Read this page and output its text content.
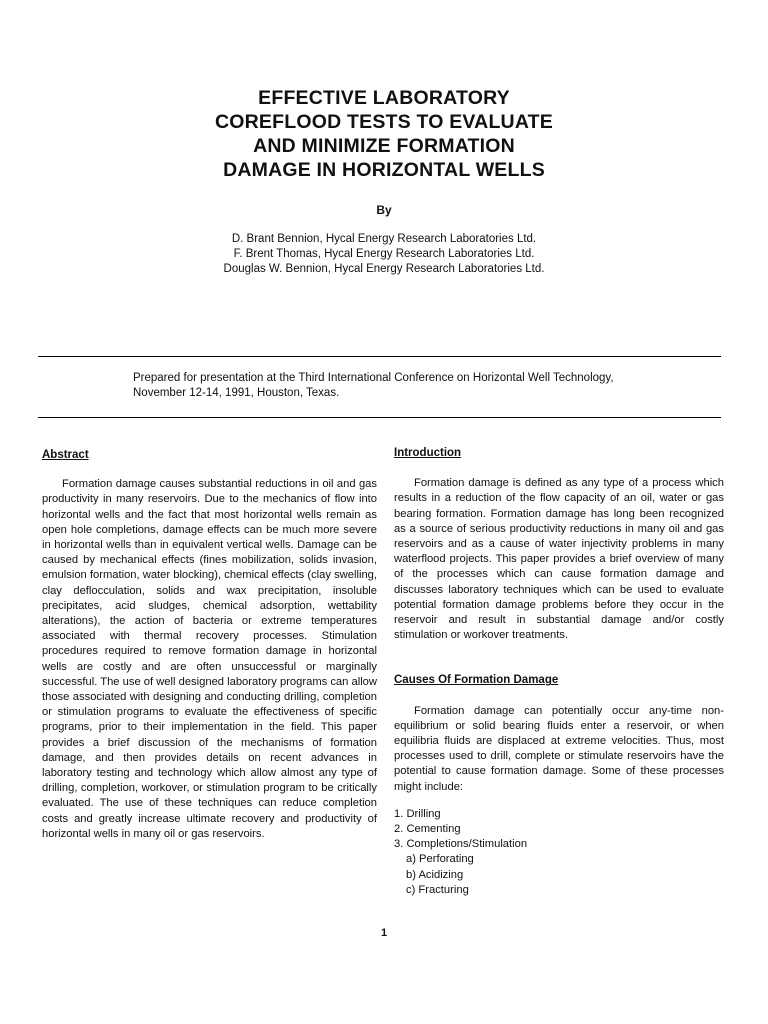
EFFECTIVE LABORATORY
COREFLOOD TESTS TO EVALUATE
AND MINIMIZE FORMATION
DAMAGE IN HORIZONTAL WELLS
By
D. Brant Bennion, Hycal Energy Research Laboratories Ltd.
F. Brent Thomas, Hycal Energy Research Laboratories Ltd.
Douglas W. Bennion, Hycal Energy Research Laboratories Ltd.
Prepared for presentation at the Third International Conference on Horizontal Well Technology, November 12-14, 1991, Houston, Texas.

Abstract

Formation damage causes substantial reductions in oil and gas productivity in many reservoirs. Due to the mechanics of flow into horizontal wells and the fact that most horizontal wells remain as open hole completions, damage effects can be much more severe in horizontal wells than in equivalent vertical wells. Damage can be caused by mechanical effects (fines mobilization, solids invasion, emulsion formation, water blocking), chemical effects (clay swelling, clay deflocculation, solids and wax precipitation, insoluble precipitates, acid sludges, chemical adsorption, wettability alterations), the action of bacteria or extreme temperatures associated with thermal recovery processes. Stimulation procedures required to remove formation damage in horizontal wells are costly and are often unsuccessful or marginally successful. The use of well designed laboratory programs can allow those associated with designing and conducting drilling, completion or stimulation programs to evaluate the effectiveness of specific programs, prior to their implementation in the field. This paper provides a brief discussion of the mechanisms of formation damage, and then provides details on recent advances in laboratory testing and technology which allow almost any type of drilling, completion, workover, or stimulation program to be critically evaluated. The use of these techniques can reduce completion costs and greatly increase ultimate recovery and productivity of horizontal wells in many oil or gas reservoirs.

Introduction

Formation damage is defined as any type of a process which results in a reduction of the flow capacity of an oil, water or gas bearing formation. Formation damage has long been recognized as a source of serious productivity reductions in many oil and gas reservoirs and as a cause of water injectivity problems in many waterflood projects. This paper provides a brief overview of many of the processes which can cause formation damage and discusses laboratory techniques which can be used to evaluate potential formation damage problems before they occur in the reservoir and result in substantial damage and/or costly stimulation or workover treatments.

Causes Of Formation Damage

Formation damage can potentially occur any-time non-equilibrium or solid bearing fluids enter a reservoir, or when equilibria fluids are displaced at extreme velocities. Thus, most processes used to drill, complete or stimulate reservoirs have the potential to cause formation damage. Some of these processes might include:

1. Drilling
2. Cementing
3. Completions/Stimulation
a) Perforating
b) Acidizing
c) Fracturing
1
